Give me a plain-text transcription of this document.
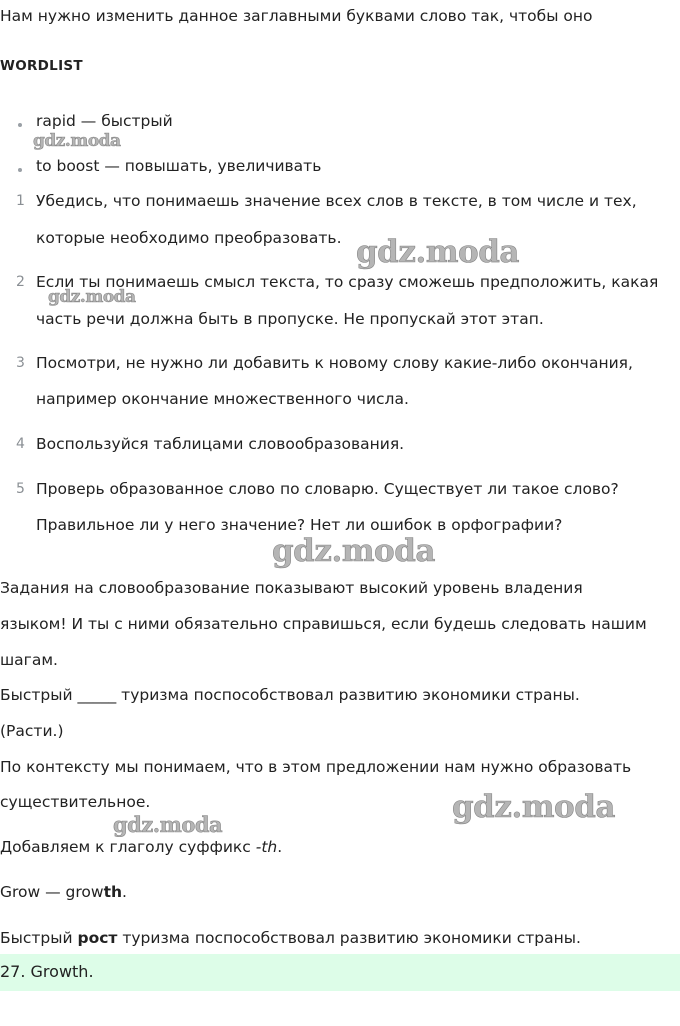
Нам нужно изменить данное заглавными буквами слово так, чтобы оно
WORDLIST
rapid — быстрый
to boost — повышать, увеличивать
1 Убедись, что понимаешь значение всех слов в тексте, в том числе и тех,
которые необходимо преобразовать.
2 Если ты понимаешь смысл текста, то сразу сможешь предположить, какая
часть речи должна быть в пропуске. Не пропускай этот этап.
3 Посмотри, не нужно ли добавить к новому слову какие-либо окончания,
например окончание множественного числа.
4 Воспользуйся таблицами словообразования.
5 Проверь образованное слово по словарю. Существует ли такое слово?
Правильное ли у него значение? Нет ли ошибок в орфографии?
Задания на словообразование показывают высокий уровень владения
языком! И ты с ними обязательно справишься, если будешь следовать нашим
шагам.
Быстрый _____ туризма поспособствовал развитию экономики страны.
(Расти.)
По контексту мы понимаем, что в этом предложении нам нужно образовать
существительное.
Добавляем к глаголу суффикс -th.
Grow — growth.
Быстрый рост туризма поспособствовал развитию экономики страны.
27. Growth.
gdz.moda
gdz.moda
gdz.moda
gdz.moda
gdz.moda
gdz.moda
